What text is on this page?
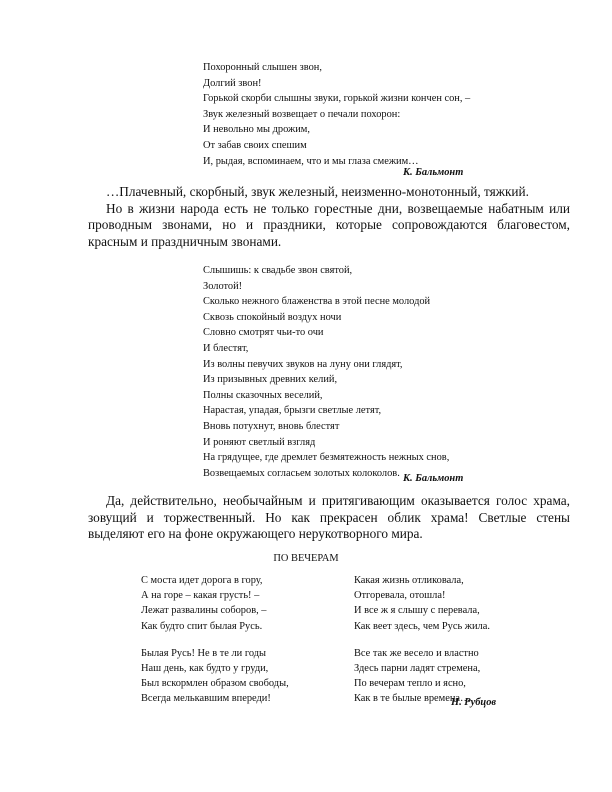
Похоронный слышен звон,
Долгий звон!
Горькой скорби слышны звуки, горькой жизни кончен сон, –
Звук железный возвещает о печали похорон:
И невольно мы дрожим,
От забав своих спешим
И, рыдая, вспоминаем, что и мы глаза смежим…
К. Бальмонт

…Плачевный, скорбный, звук железный, неизменно-монотонный, тяжкий.

Но в жизни народа есть не только горестные дни, возвещаемые набатным или проводным звонами, но и праздники, которые сопровождаются благовестом, красным и праздничным звонами.

Слышишь: к свадьбе звон святой,
Золотой!
Сколько нежного блаженства в этой песне молодой
Сквозь спокойный воздух ночи
Словно смотрят чьи-то очи
И блестят,
Из волны певучих звуков на луну они глядят,
Из призывных древних келий,
Полны сказочных веселий,
Нарастая, упадая, брызги светлые летят,
Вновь потухнут, вновь блестят
И роняют светлый взгляд
На грядущее, где дремлет безмятежность нежных снов,
Возвещаемых согласьем золотых колоколов. К. Бальмонт

Да, действительно, необычайным и притягивающим оказывается голос храма, зовущий и торжественный. Но как прекрасен облик храма! Светлые стены выделяют его на фоне окружающего нерукотворного мира.

ПО ВЕЧЕРАМ
С моста идет дорога в гору,
А на горе – какая грусть! –
Лежат развалины соборов, –
Как будто спит былая Русь.
Былая Русь! Не в те ли годы
Наш день, как будто у груди,
Был вскормлен образом свободы,
Всегда мелькавшим впереди!
Какая жизнь отликовала,
Отгоревала, отошла!
И все ж я слышу с перевала,
Как веет здесь, чем Русь жила.
Все так же весело и властно
Здесь парни ладят стремена,
По вечерам тепло и ясно,
Как в те былые времена…
Н. Рубцов
